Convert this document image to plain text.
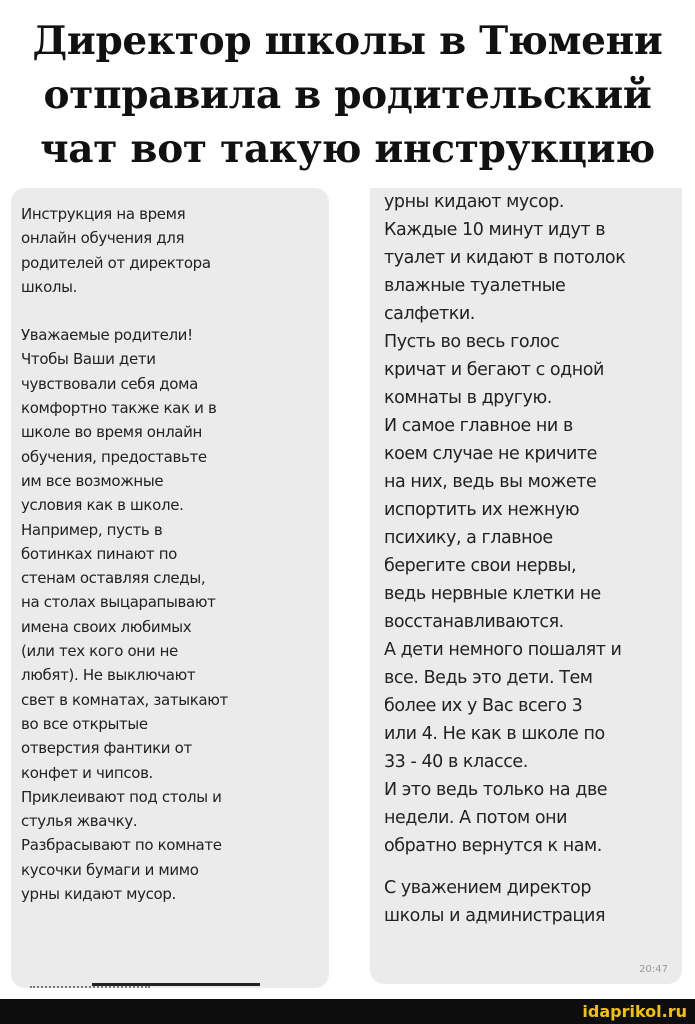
Директор школы в Тюмени
отправила в родительский
чат вот такую инструкцию
Инструкция на время
онлайн обучения для
родителей от директора
школы.
Уважаемые родители!
Чтобы Ваши дети
чувствовали себя дома
комфортно также как и в
школе во время онлайн
обучения, предоставьте
им все возможные
условия как в школе.
Например, пусть в
ботинках пинают по
стенам оставляя следы,
на столах выцарапывают
имена своих любимых
(или тех кого они не
любят). Не выключают
свет в комнатах, затыкают
во все открытые
отверстия фантики от
конфет и чипсов.
Приклеивают под столы и
стулья жвачку.
Разбрасывают по комнате
кусочки бумаги и мимо
урны кидают мусор.
урны кидают мусор.
Каждые 10 минут идут в
туалет и кидают в потолок
влажные туалетные
салфетки.
Пусть во весь голос
кричат и бегают с одной
комнаты в другую.
И самое главное ни в
коем случае не кричите
на них, ведь вы можете
испортить их нежную
психику, а главное
берегите свои нервы,
ведь нервные клетки не
восстанавливаются.
А дети немного пошалят и
все. Ведь это дети. Тем
более их у Вас всего 3
или 4. Не как в школе по
33 - 40 в классе.
И это ведь только на две
недели. А потом они
обратно вернутся к нам.
С уважением директор
школы и администрация
20:47
idaprikol.ru
